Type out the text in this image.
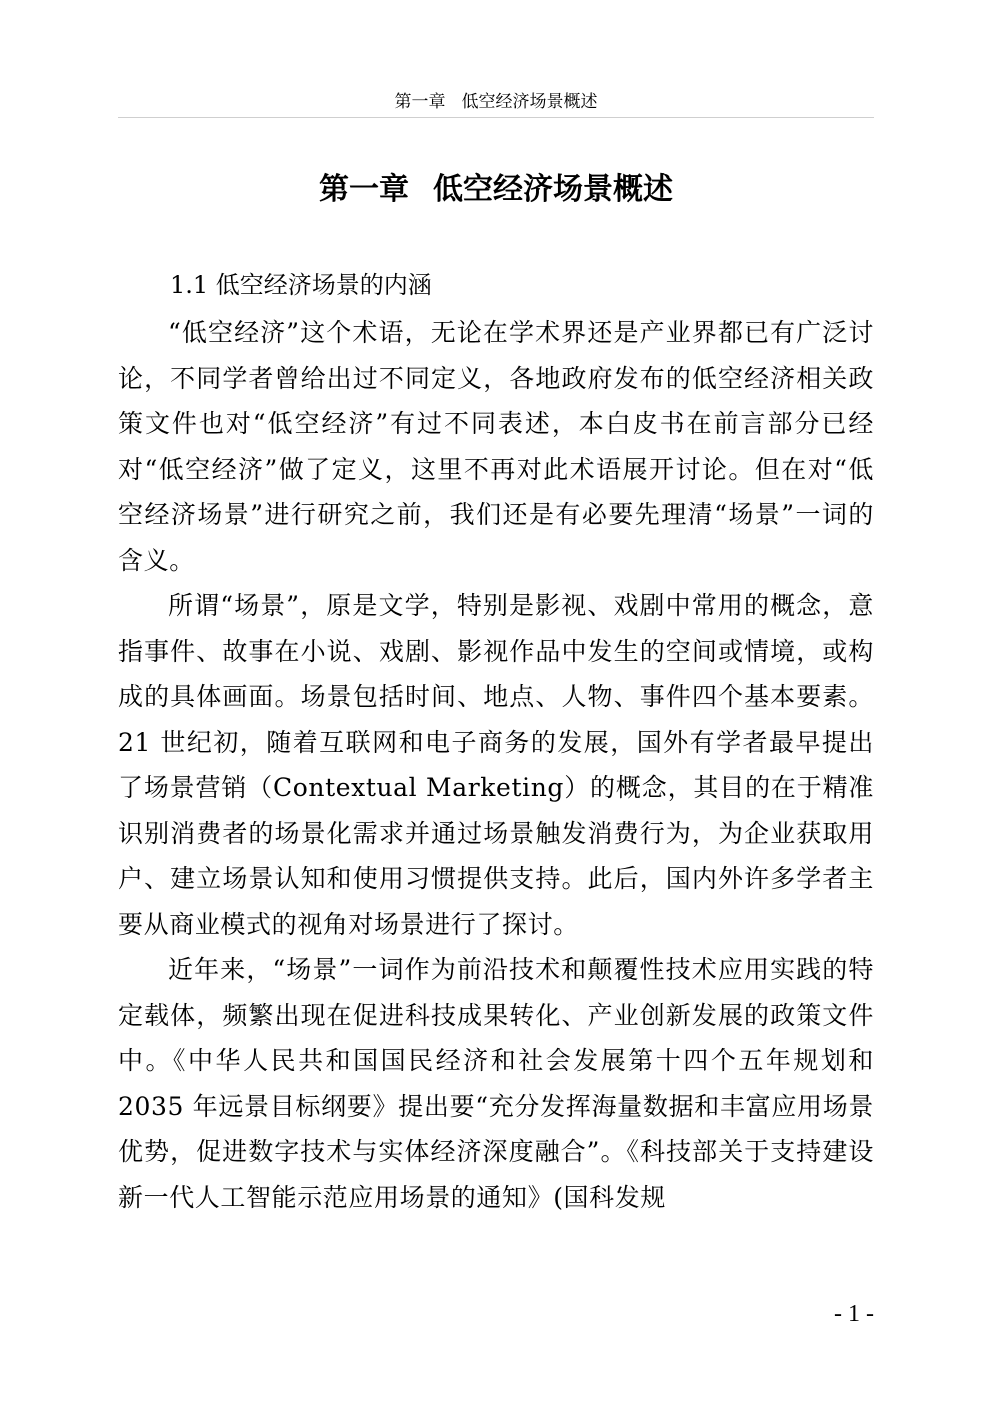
第一章 低空经济场景概述
第一章 低空经济场景概述
1.1 低空经济场景的内涵

“低空经济”这个术语，无论在学术界还是产业界都已有广泛讨论，不同学者曾给出过不同定义，各地政府发布的低空经济相关政策文件也对“低空经济”有过不同表述，本白皮书在前言部分已经对“低空经济”做了定义，这里不再对此术语展开讨论。但在对“低空经济场景”进行研究之前，我们还是有必要先理清“场景”一词的含义。

所谓“场景”，原是文学，特别是影视、戏剧中常用的概念，意指事件、故事在小说、戏剧、影视作品中发生的空间或情境，或构成的具体画面。场景包括时间、地点、人物、事件四个基本要素。21 世纪初，随着互联网和电子商务的发展，国外有学者最早提出了场景营销（Contextual Marketing）的概念，其目的在于精准识别消费者的场景化需求并通过场景触发消费行为，为企业获取用户、建立场景认知和使用习惯提供支持。此后，国内外许多学者主要从商业模式的视角对场景进行了探讨。

近年来，“场景”一词作为前沿技术和颠覆性技术应用实践的特定载体，频繁出现在促进科技成果转化、产业创新发展的政策文件中。《中华人民共和国国民经济和社会发展第十四个五年规划和 2035 年远景目标纲要》提出要“充分发挥海量数据和丰富应用场景优势，促进数字技术与实体经济深度融合”。《科技部关于支持建设新一代人工智能示范应用场景的通知》(国科发规

- 1 -
